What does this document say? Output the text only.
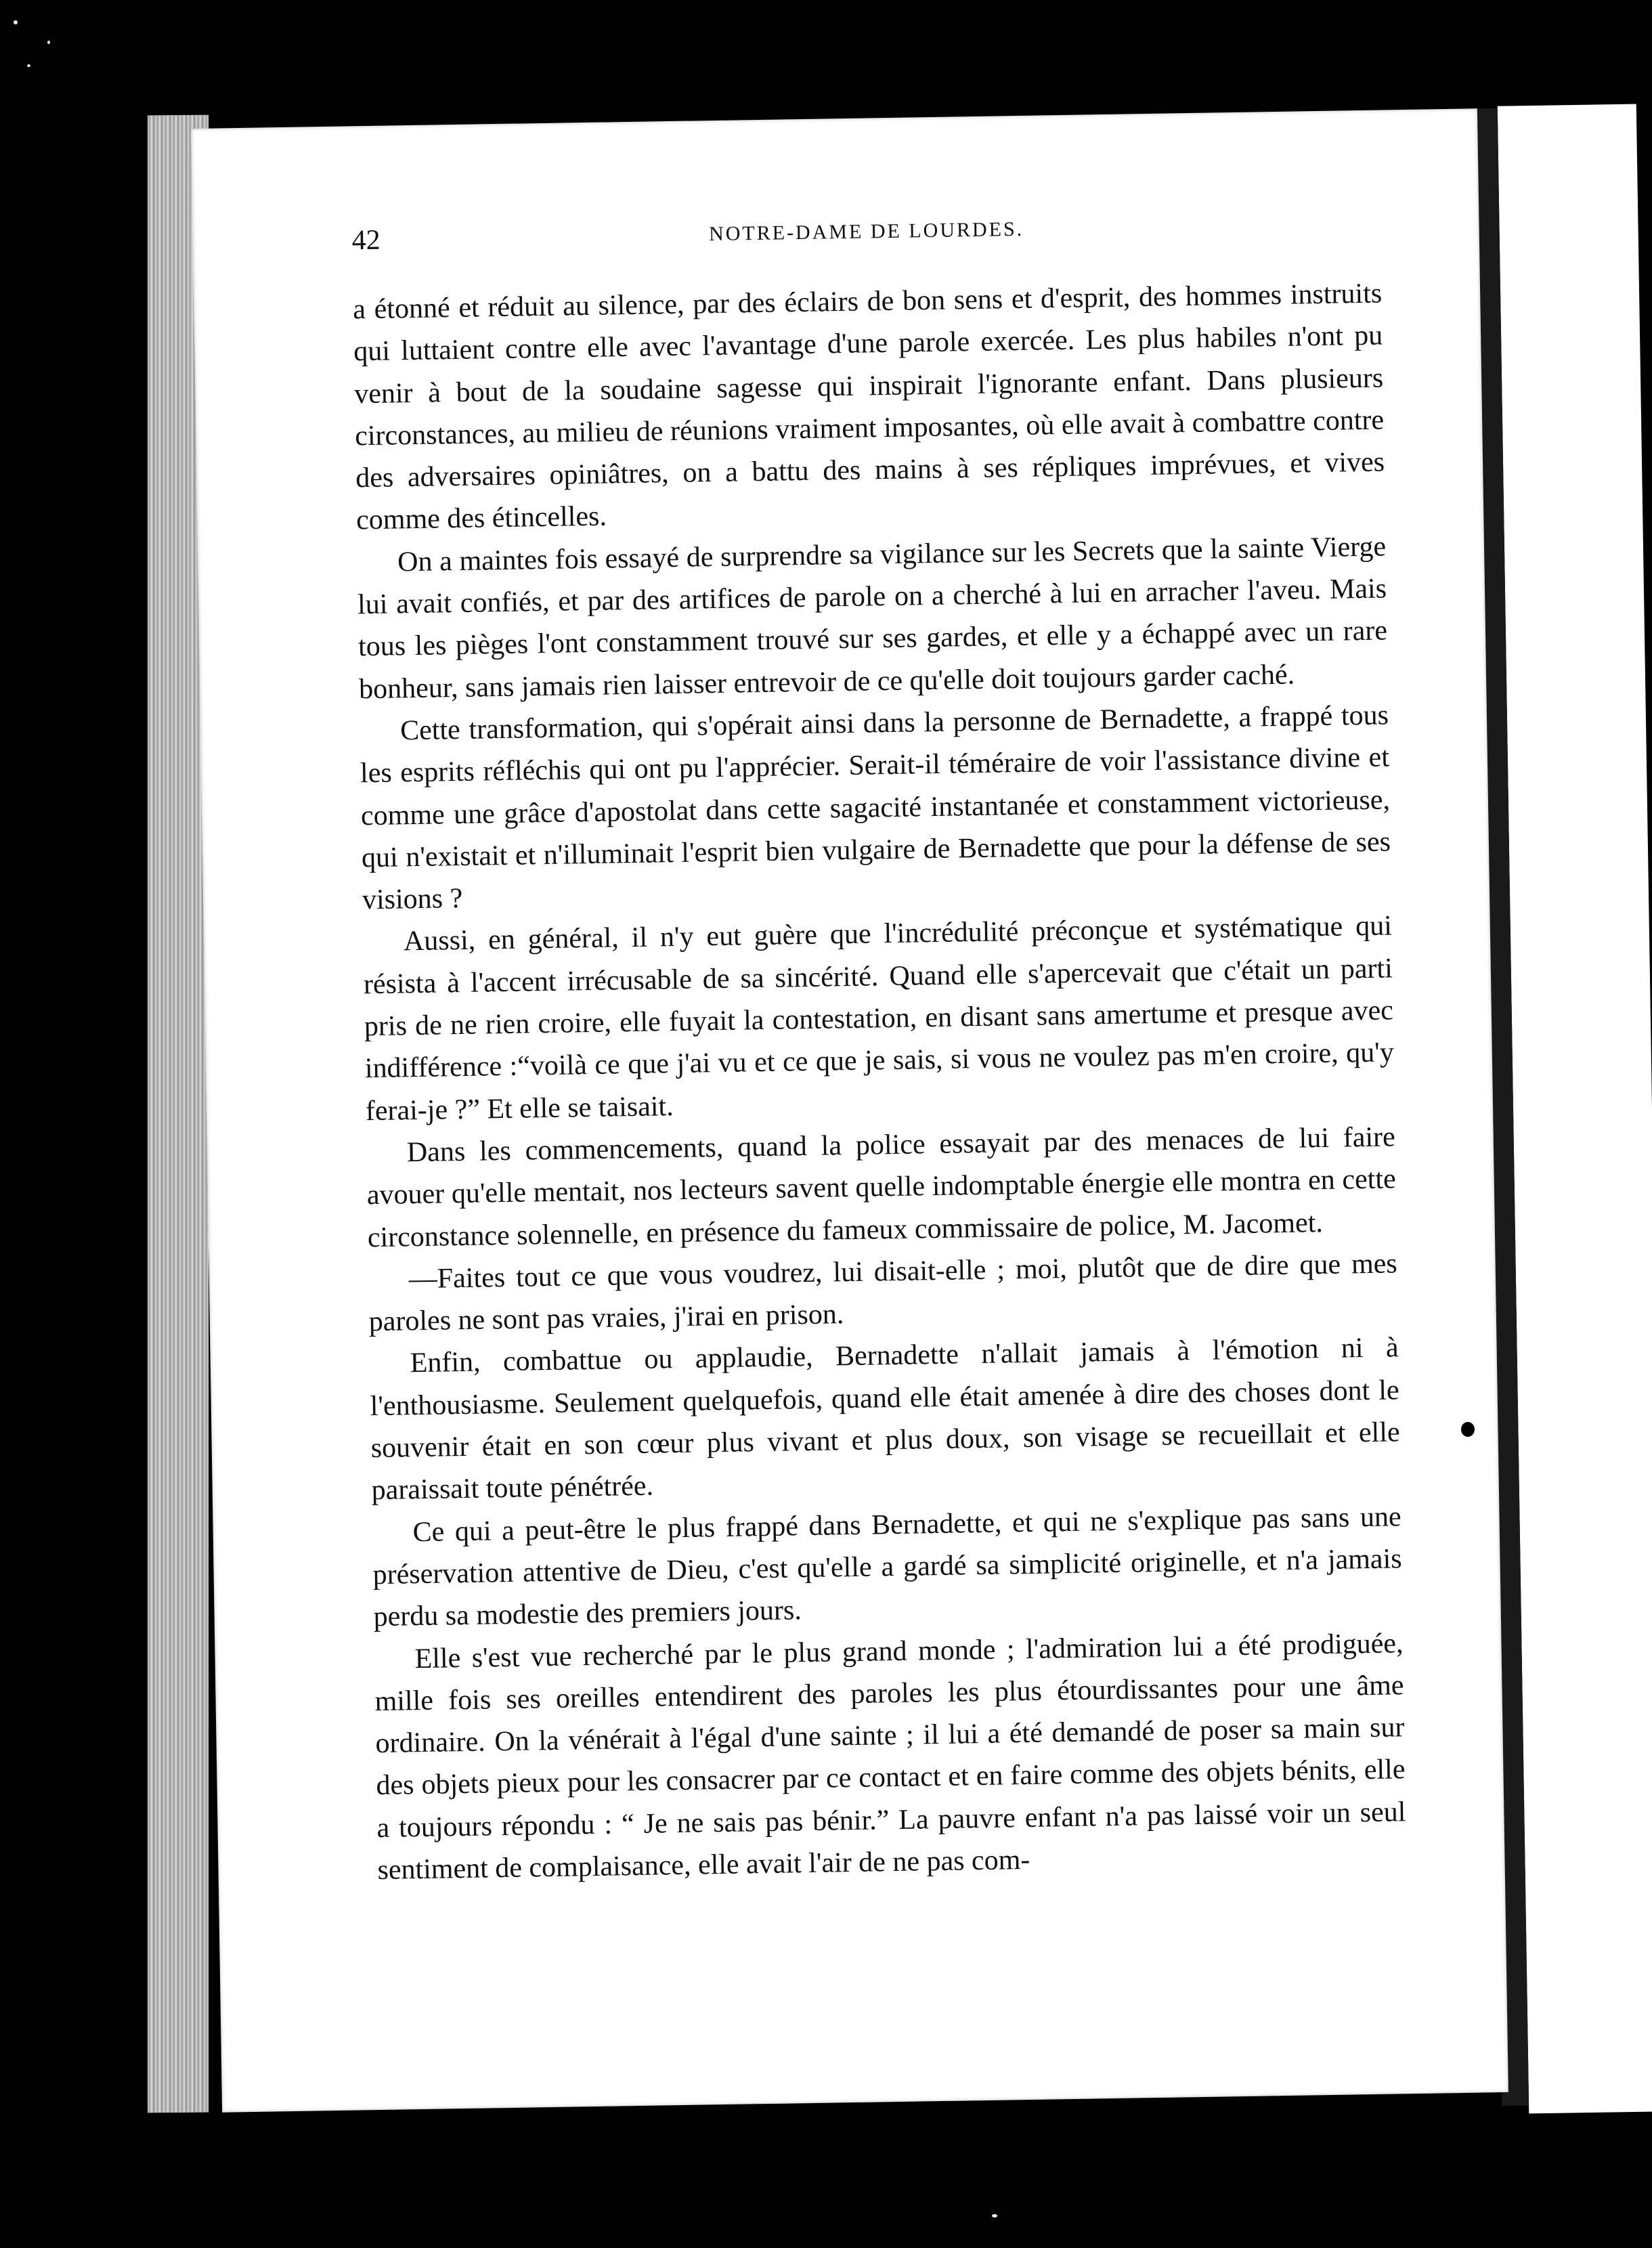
42	NOTRE-DAME DE LOURDES.

a étonné et réduit au silence, par des éclairs de bon sens et d'esprit, des hommes instruits qui luttaient contre elle avec l'avantage d'une parole exercée. Les plus habiles n'ont pu venir à bout de la soudaine sagesse qui inspirait l'ignorante enfant. Dans plusieurs circonstances, au milieu de réunions vraiment imposantes, où elle avait à combattre contre des adversaires opiniâtres, on a battu des mains à ses répliques imprévues, et vives comme des étincelles.

On a maintes fois essayé de surprendre sa vigilance sur les Secrets que la sainte Vierge lui avait confiés, et par des artifices de parole on a cherché à lui en arracher l'aveu. Mais tous les pièges l'ont constamment trouvé sur ses gardes, et elle y a échappé avec un rare bonheur, sans jamais rien laisser entrevoir de ce qu'elle doit toujours garder caché.

Cette transformation, qui s'opérait ainsi dans la personne de Bernadette, a frappé tous les esprits réfléchis qui ont pu l'apprécier. Serait-il téméraire de voir l'assistance divine et comme une grâce d'apostolat dans cette sagacité instantanée et constamment victorieuse, qui n'existait et n'illuminait l'esprit bien vulgaire de Bernadette que pour la défense de ses visions ?

Aussi, en général, il n'y eut guère que l'incrédulité préconçue et systématique qui résista à l'accent irrécusable de sa sincérité. Quand elle s'apercevait que c'était un parti pris de ne rien croire, elle fuyait la contestation, en disant sans amertume et presque avec indifférence :“voilà ce que j'ai vu et ce que je sais, si vous ne voulez pas m'en croire, qu'y ferai-je ?” Et elle se taisait.

Dans les commencements, quand la police essayait par des menaces de lui faire avouer qu'elle mentait, nos lecteurs savent quelle indomptable énergie elle montra en cette circonstance solennelle, en présence du fameux commissaire de police, M. Jacomet.

—Faites tout ce que vous voudrez, lui disait-elle ; moi, plutôt que de dire que mes paroles ne sont pas vraies, j'irai en prison.

Enfin, combattue ou applaudie, Bernadette n'allait jamais à l'émotion ni à l'enthousiasme. Seulement quelquefois, quand elle était amenée à dire des choses dont le souvenir était en son cœur plus vivant et plus doux, son visage se recueillait et elle paraissait toute pénétrée.

Ce qui a peut-être le plus frappé dans Bernadette, et qui ne s'explique pas sans une préservation attentive de Dieu, c'est qu'elle a gardé sa simplicité originelle, et n'a jamais perdu sa modestie des premiers jours.

Elle s'est vue recherché par le plus grand monde ; l'admiration lui a été prodiguée, mille fois ses oreilles entendirent des paroles les plus étourdissantes pour une âme ordinaire. On la vénérait à l'égal d'une sainte ; il lui a été demandé de poser sa main sur des objets pieux pour les consacrer par ce contact et en faire comme des objets bénits, elle a toujours répondu : “ Je ne sais pas bénir.” La pauvre enfant n'a pas laissé voir un seul sentiment de complaisance, elle avait l'air de ne pas com-
